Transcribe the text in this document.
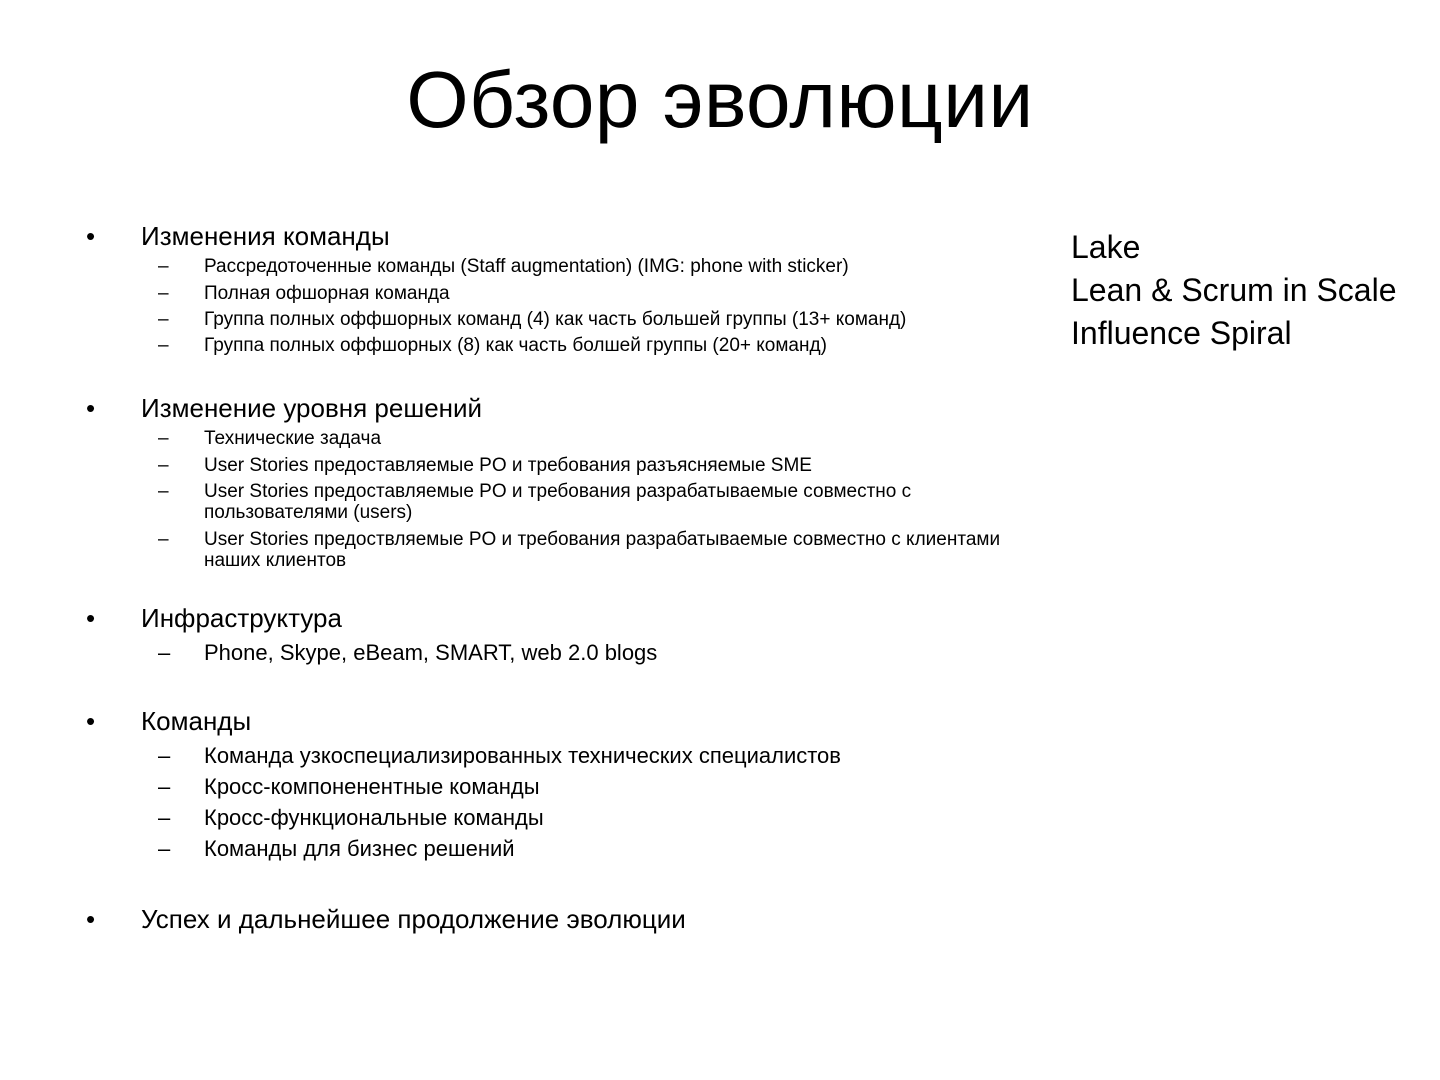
Обзор эволюции
Lake
Lean & Scrum in Scale
Influence Spiral
• Изменения команды
– Рассредоточенные команды (Staff augmentation) (IMG: phone with sticker)
– Полная офшорная команда
– Группа полных оффшорных команд (4) как часть большей группы (13+ команд)
– Группа полных оффшорных (8) как часть болшей группы (20+ команд)
• Изменение уровня решений
– Технические задача
– User Stories предоставляемые PO и требования разъясняемые SME
– User Stories предоставляемые PO и требования разрабатываемые совместно с пользователями (users)
– User Stories предоствляемые PO и требования разрабатываемые совместно с клиентами наших клиентов
• Инфраструктура
– Phone, Skype, eBeam, SMART, web 2.0 blogs
• Команды
– Команда узкоспециализированных технических специалистов
– Кросс-компоненентные команды
– Кросс-функциональные команды
– Команды для бизнес решений
• Успех и дальнейшее продолжение эволюции
